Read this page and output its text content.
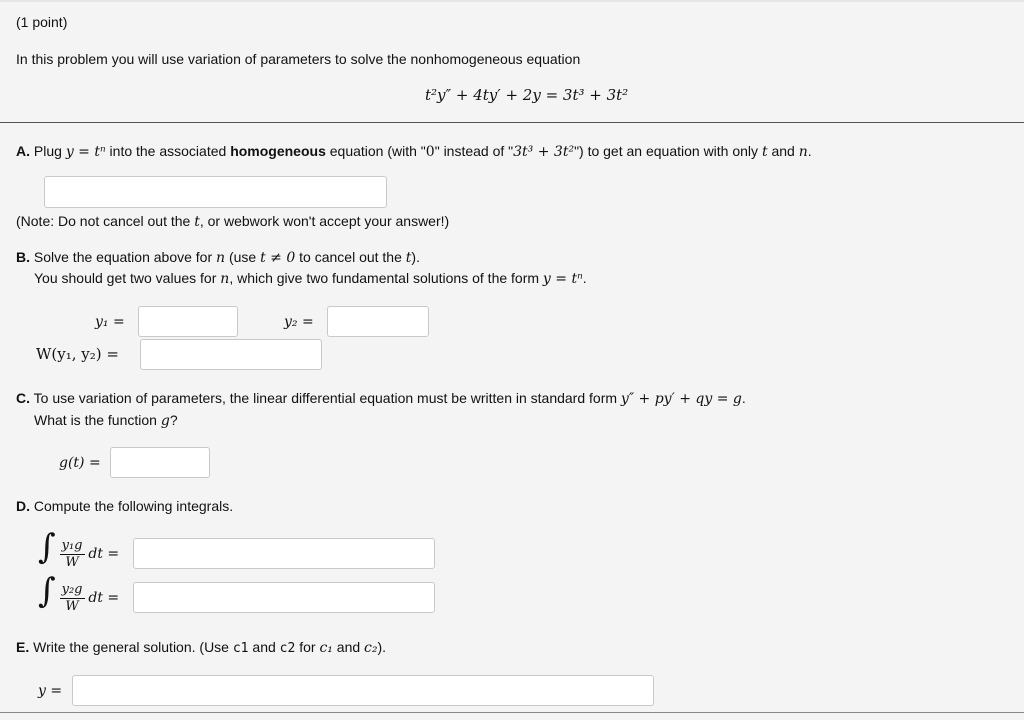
(1 point)
In this problem you will use variation of parameters to solve the nonhomogeneous equation
t²y″ + 4ty′ + 2y = 3t³ + 3t²
A. Plug y = tⁿ into the associated homogeneous equation (with "0" instead of "3t³ + 3t²") to get an equation with only t and n.
(Note: Do not cancel out the t, or webwork won't accept your answer!)
B. Solve the equation above for n (use t ≠ 0 to cancel out the t).
You should get two values for n, which give two fundamental solutions of the form y = tⁿ.
y₁ =	y₂ =
W(y₁, y₂) =
C. To use variation of parameters, the linear differential equation must be written in standard form y″ + py′ + qy = g.
What is the function g?
g(t) =
D. Compute the following integrals.
∫ $\frac{\text{y₁g}}{W}$ dt =
∫ $\frac{\text{y₂g}}{W}$ dt =
E. Write the general solution. (Use c1 and c2 for c₁ and c₂).
y =
